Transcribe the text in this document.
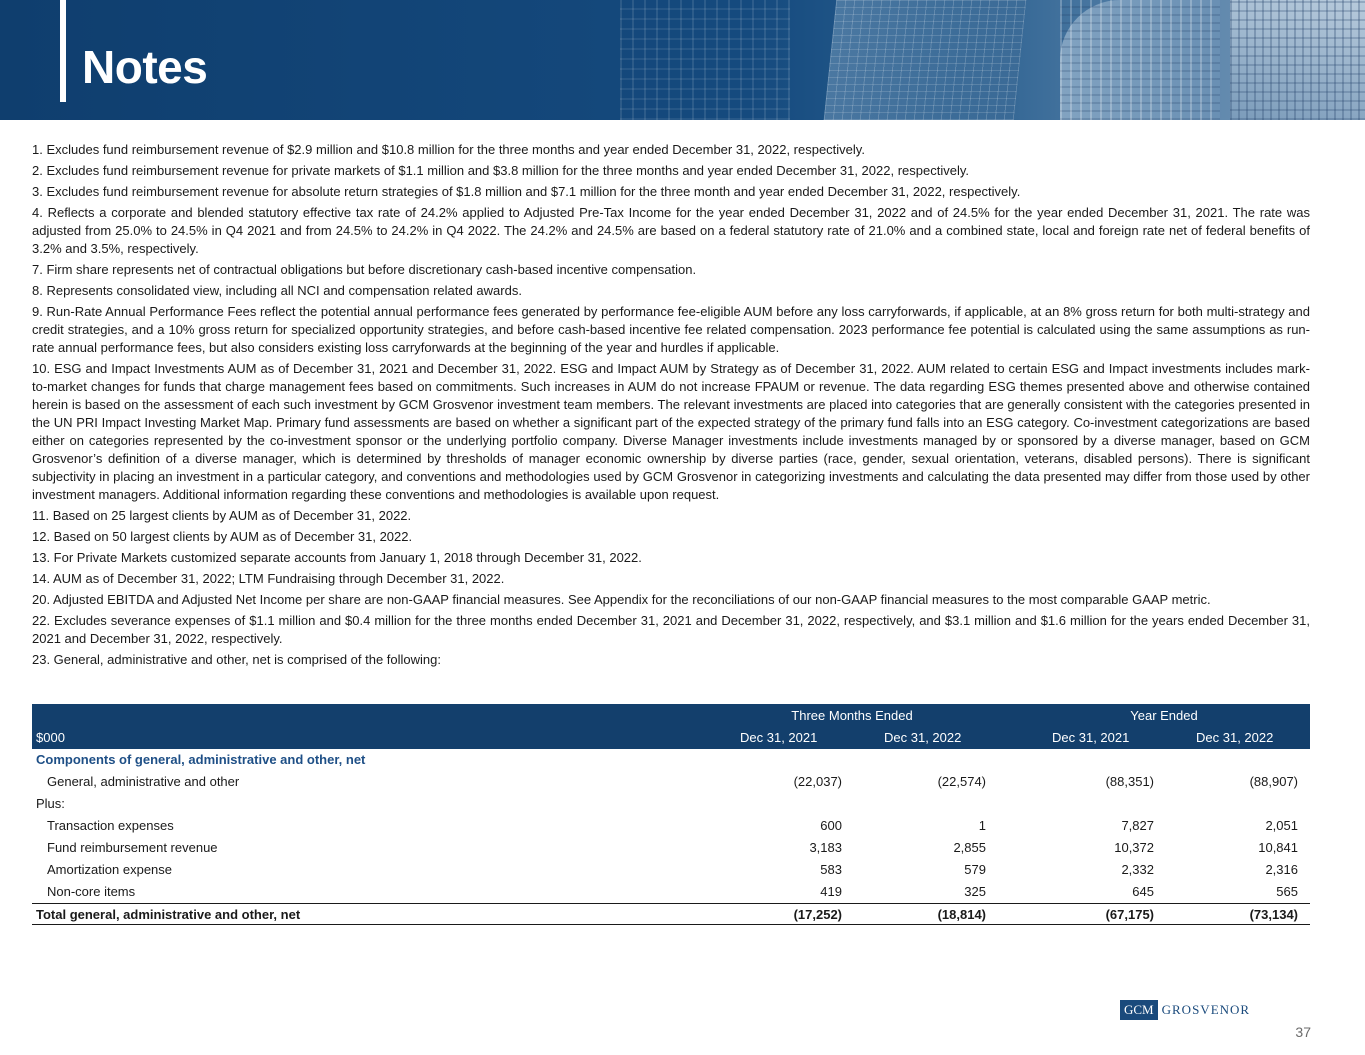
Notes

1. Excludes fund reimbursement revenue of $2.9 million and $10.8 million for the three months and year ended December 31, 2022, respectively.

2. Excludes fund reimbursement revenue for private markets of $1.1 million and $3.8 million for the three months and year ended December 31, 2022, respectively.

3. Excludes fund reimbursement revenue for absolute return strategies of $1.8 million and $7.1 million for the three month and year ended December 31, 2022, respectively.

4. Reflects a corporate and blended statutory effective tax rate of 24.2% applied to Adjusted Pre-Tax Income for the year ended December 31, 2022 and of 24.5% for the year ended December 31, 2021. The rate was adjusted from 25.0% to 24.5% in Q4 2021 and from 24.5% to 24.2% in Q4 2022. The 24.2% and 24.5% are based on a federal statutory rate of 21.0% and a combined state, local and foreign rate net of federal benefits of 3.2% and 3.5%, respectively.

7. Firm share represents net of contractual obligations but before discretionary cash-based incentive compensation.

8. Represents consolidated view, including all NCI and compensation related awards.

9. Run-Rate Annual Performance Fees reflect the potential annual performance fees generated by performance fee-eligible AUM before any loss carryforwards, if applicable, at an 8% gross return for both multi-strategy and credit strategies, and a 10% gross return for specialized opportunity strategies, and before cash-based incentive fee related compensation. 2023 performance fee potential is calculated using the same assumptions as run-rate annual performance fees, but also considers existing loss carryforwards at the beginning of the year and hurdles if applicable.

10. ESG and Impact Investments AUM as of December 31, 2021 and December 31, 2022. ESG and Impact AUM by Strategy as of December 31, 2022. AUM related to certain ESG and Impact investments includes mark-to-market changes for funds that charge management fees based on commitments. Such increases in AUM do not increase FPAUM or revenue. The data regarding ESG themes presented above and otherwise contained herein is based on the assessment of each such investment by GCM Grosvenor investment team members. The relevant investments are placed into categories that are generally consistent with the categories presented in the UN PRI Impact Investing Market Map. Primary fund assessments are based on whether a significant part of the expected strategy of the primary fund falls into an ESG category. Co-investment categorizations are based either on categories represented by the co-investment sponsor or the underlying portfolio company. Diverse Manager investments include investments managed by or sponsored by a diverse manager, based on GCM Grosvenor’s definition of a diverse manager, which is determined by thresholds of manager economic ownership by diverse parties (race, gender, sexual orientation, veterans, disabled persons). There is significant subjectivity in placing an investment in a particular category, and conventions and methodologies used by GCM Grosvenor in categorizing investments and calculating the data presented may differ from those used by other investment managers. Additional information regarding these conventions and methodologies is available upon request.

11. Based on 25 largest clients by AUM as of December 31, 2022.

12. Based on 50 largest clients by AUM as of December 31, 2022.

13. For Private Markets customized separate accounts from January 1, 2018 through December 31, 2022.

14. AUM as of December 31, 2022; LTM Fundraising through December 31, 2022.

20. Adjusted EBITDA and Adjusted Net Income per share are non-GAAP financial measures. See Appendix for the reconciliations of our non-GAAP financial measures to the most comparable GAAP metric.

22. Excludes severance expenses of $1.1 million and $0.4 million for the three months ended December 31, 2021 and December 31, 2022, respectively, and $3.1 million and $1.6 million for the years ended December 31, 2021 and December 31, 2022, respectively.

23. General, administrative and other, net is comprised of the following:

Three Months Ended	Year Ended
$000	Dec 31, 2021	Dec 31, 2022	Dec 31, 2021	Dec 31, 2022
Components of general, administrative and other, net
General, administrative and other	(22,037)	(22,574)	(88,351)	(88,907)
Plus:
Transaction expenses	600	1	7,827	2,051
Fund reimbursement revenue	3,183	2,855	10,372	10,841
Amortization expense	583	579	2,332	2,316
Non-core items	419	325	645	565
Total general, administrative and other, net	(17,252)	(18,814)	(67,175)	(73,134)
GCM GROSVENOR
37
